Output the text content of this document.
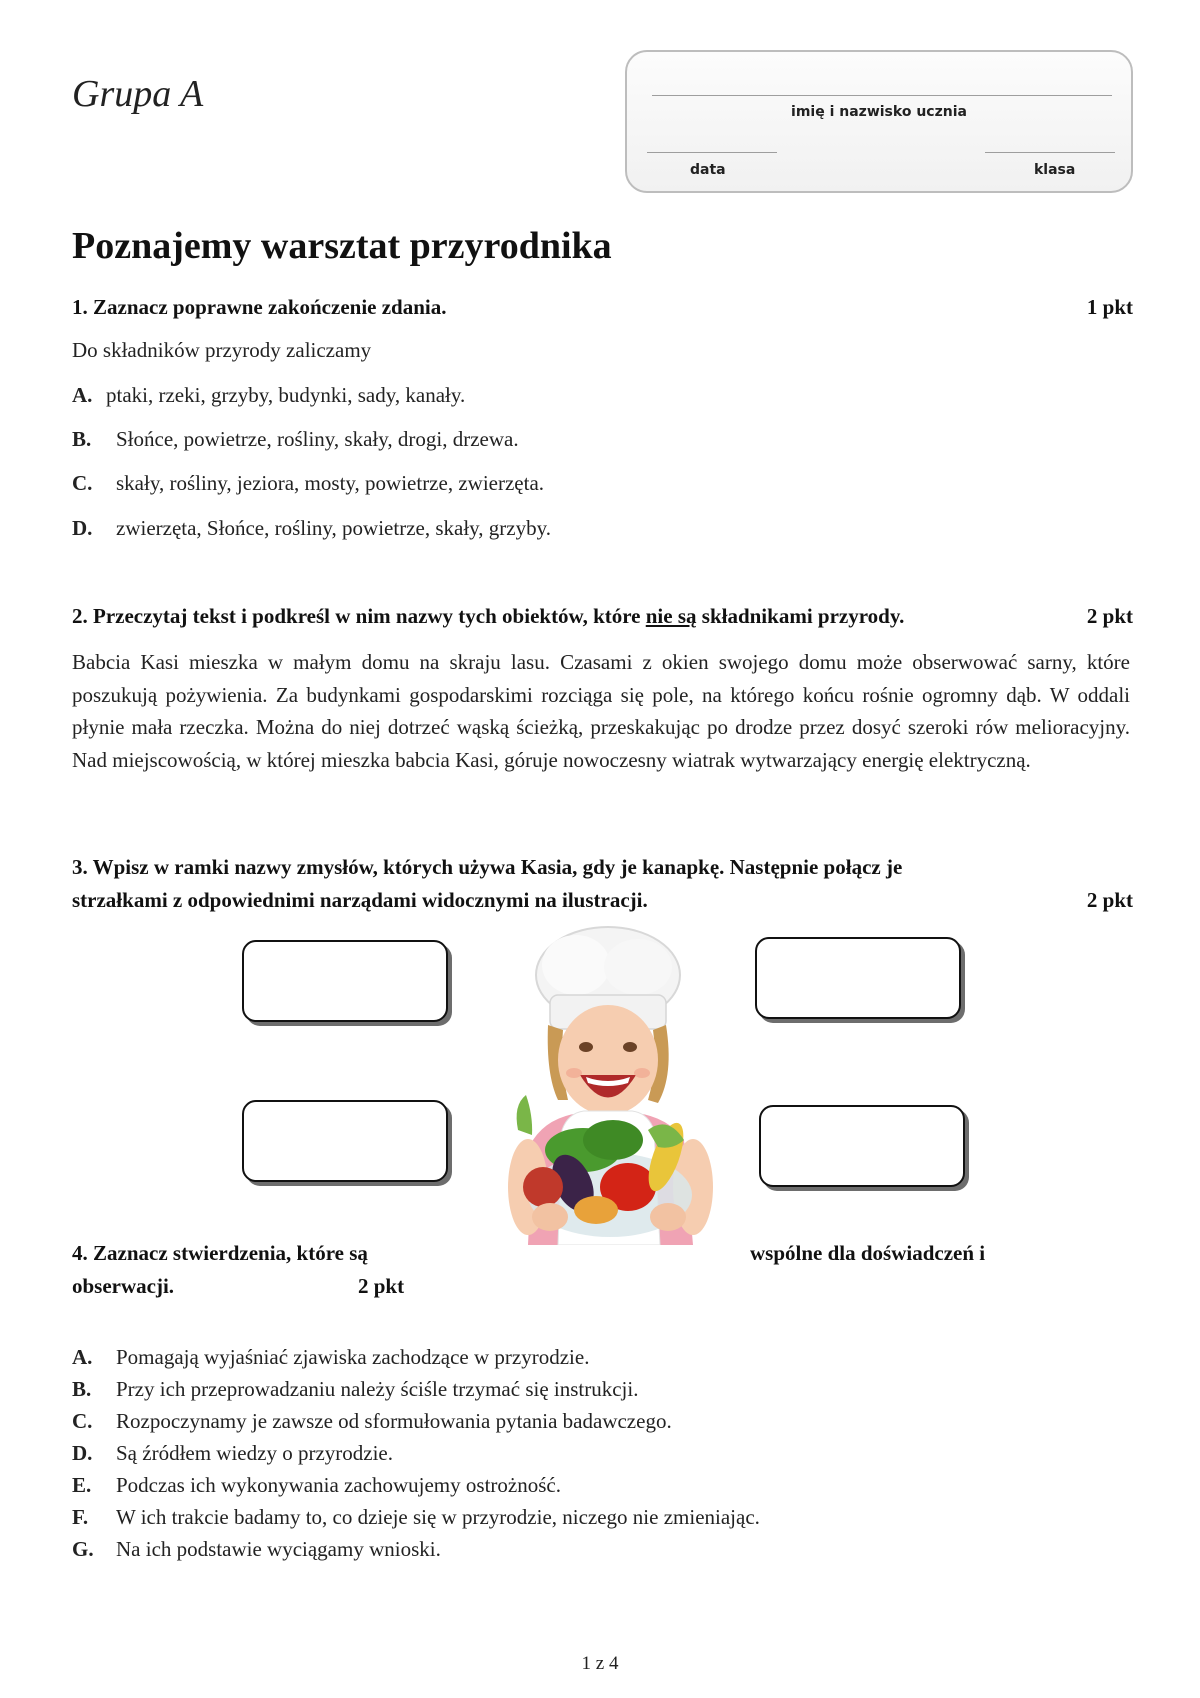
Grupa A	imię i nazwisko ucznia
data	klasa
Poznajemy warsztat przyrodnika
1. Zaznacz poprawne zakończenie zdania.	1 pkt
Do składników przyrody zaliczamy
A. ptaki, rzeki, grzyby, budynki, sady, kanały.
B. Słońce, powietrze, rośliny, skały, drogi, drzewa.
C. skały, rośliny, jeziora, mosty, powietrze, zwierzęta.
D. zwierzęta, Słońce, rośliny, powietrze, skały, grzyby.
2. Przeczytaj tekst i podkreśl w nim nazwy tych obiektów, które nie są składnikami przyrody.	2 pkt
Babcia Kasi mieszka w małym domu na skraju lasu. Czasami z okien swojego domu może obserwować sarny, które poszukują pożywienia. Za budynkami gospodarskimi rozciąga się pole, na którego końcu rośnie ogromny dąb. W oddali płynie mała rzeczka. Można do niej dotrzeć wąską ścieżką, przeskakując po drodze przez dosyć szeroki rów melioracyjny. Nad miejscowością, w której mieszka babcia Kasi, góruje nowoczesny wiatrak wytwarzający energię elektryczną.
3. Wpisz w ramki nazwy zmysłów, których używa Kasia, gdy je kanapkę. Następnie połącz je
strzałkami z odpowiednimi narządami widocznymi na ilustracji.	2 pkt
4. Zaznacz stwierdzenia, które są	wspólne dla doświadczeń i
obserwacji.	2 pkt
A. Pomagają wyjaśniać zjawiska zachodzące w przyrodzie.
B. Przy ich przeprowadzaniu należy ściśle trzymać się instrukcji.
C. Rozpoczynamy je zawsze od sformułowania pytania badawczego.
D. Są źródłem wiedzy o przyrodzie.
E. Podczas ich wykonywania zachowujemy ostrożność.
F. W ich trakcie badamy to, co dzieje się w przyrodzie, niczego nie zmieniając.
G. Na ich podstawie wyciągamy wnioski.
1 z 4
